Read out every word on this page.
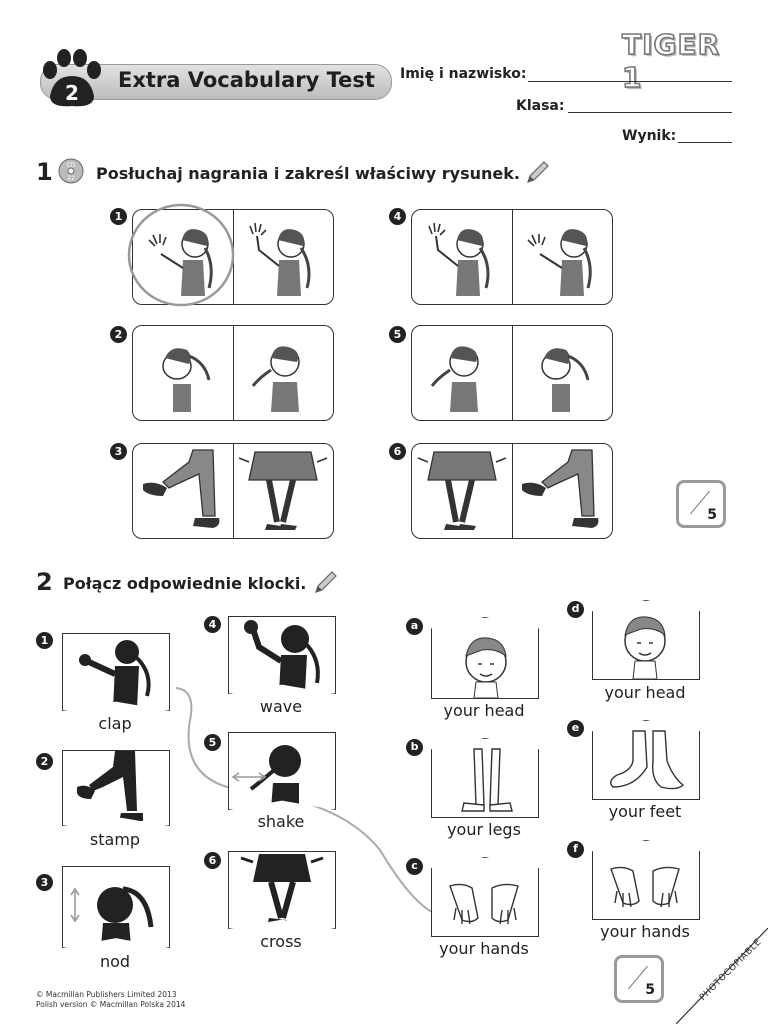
TIGER 1
2
Extra Vocabulary Test Imię i nazwisko:
Klasa:
Wynik:
1 CD
22 Posłuchaj nagrania i zakreśl właściwy rysunek.
1	4
2	5
3	6
5
2 Połącz odpowiednie klocki.
1
clap
2
stamp
3
nod
4
wave
5
shake
6
cross
a
your head
b
your legs
c
your hands
d
your head
e
your feet
f
your hands
5
© Macmillan Publishers Limited 2013
Polish version © Macmillan Polska 2014
PHOTOCOPIABLE
